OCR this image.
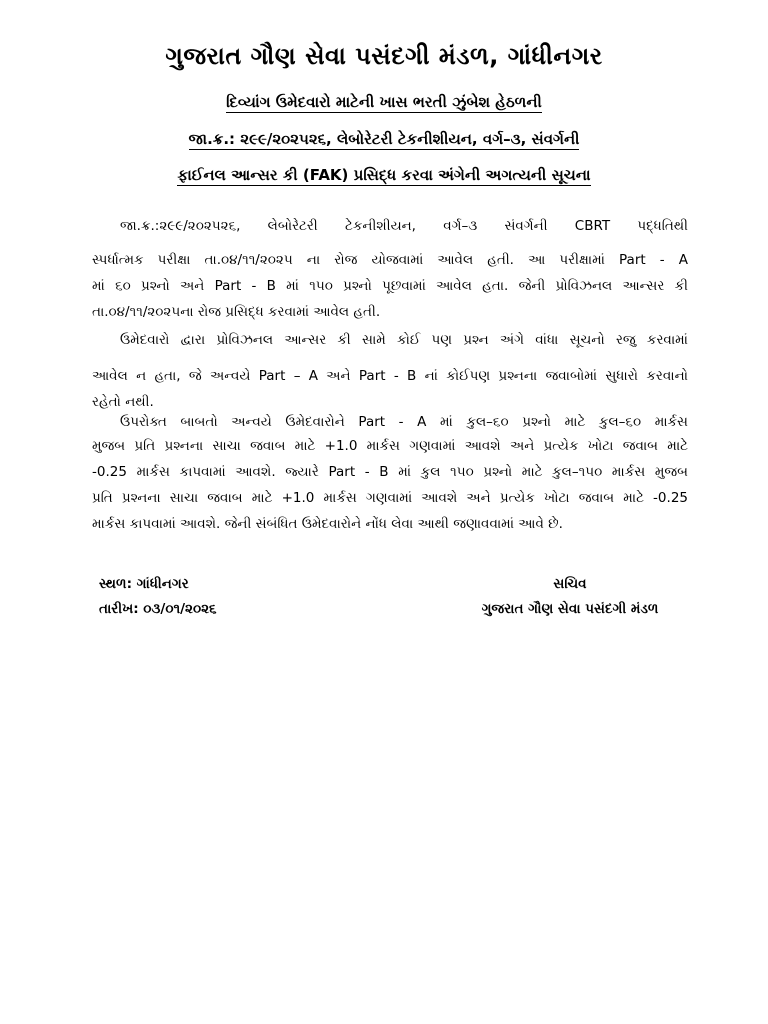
ગુજરાત ગૌણ સેવા પસંદગી મંડળ, ગાંધીનગર
દિવ્યાંગ ઉમેદવારો માટેની ખાસ ભરતી ઝુંબેશ હેઠળની
જા.ક્ર.: ૨૯૯/૨૦૨૫૨૬, લેબોરેટરી ટેકનીશીયન, વર્ગ–૩, સંવર્ગની
ફાઈનલ આન્સર કી (FAK) પ્રસિદ્ધ કરવા અંગેની અગત્યની સૂચના
જા.ક્ર.:૨૯૯/૨૦૨૫૨૬, લેબોરેટરી ટેકનીશીયન, વર્ગ–૩ સંવર્ગની CBRT પદ્ધતિથી
સ્પર્ધાત્મક પરીક્ષા તા.૦૪/૧૧/૨૦૨૫ ના રોજ યોજવામાં આવેલ હતી. આ પરીક્ષામાં Part - A
માં ૬૦ પ્રશ્નો અને Part - B માં ૧૫૦ પ્રશ્નો પૂછવામાં આવેલ હતા. જેની પ્રોવિઝનલ આન્સર કી
તા.૦૪/૧૧/૨૦૨૫ના રોજ પ્રસિદ્ધ કરવામાં આવેલ હતી.
ઉમેદવારો દ્વારા પ્રોવિઝનલ આન્સર કી સામે કોઈ પણ પ્રશ્ન અંગે વાંધા સૂચનો રજુ કરવામાં
આવેલ ન હતા, જે અન્વયે Part – A અને Part - B નાં કોઈપણ પ્રશ્નના જવાબોમાં સુધારો કરવાનો
રહેતો નથી.
ઉપરોક્ત બાબતો અન્વયે ઉમેદવારોને Part - A માં કુલ–૬૦ પ્રશ્નો માટે કુલ–૬૦ માર્કસ
મુજબ પ્રતિ પ્રશ્નના સાચા જવાબ માટે +1.0 માર્કસ ગણવામાં આવશે અને પ્રત્યેક ખોટા જવાબ માટે
-0.25 માર્કસ કાપવામાં આવશે. જ્યારે Part - B માં કુલ ૧૫૦ પ્રશ્નો માટે કુલ–૧૫૦ માર્કસ મુજબ
પ્રતિ પ્રશ્નના સાચા જવાબ માટે +1.0 માર્કસ ગણવામાં આવશે અને પ્રત્યેક ખોટા જવાબ માટે -0.25
માર્કસ કાપવામાં આવશે. જેની સંબંધિત ઉમેદવારોને નોંધ લેવા આથી જણાવવામાં આવે છે.
સ્થળ: ગાંધીનગર
તારીખ: ૦૩/૦૧/૨૦૨૬
સચિવ
ગુજરાત ગૌણ સેવા પસંદગી મંડળ
